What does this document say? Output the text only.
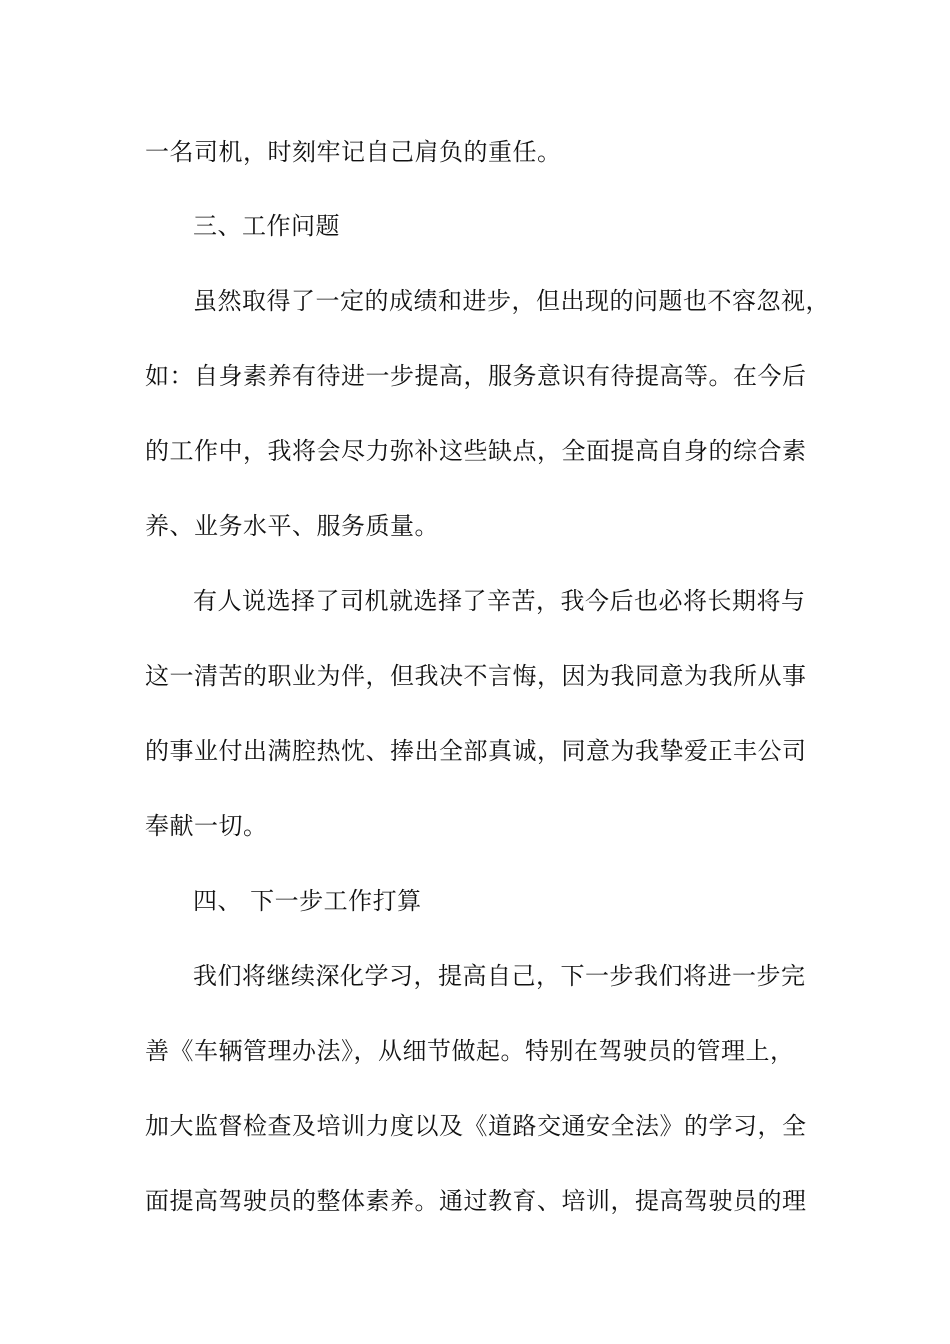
一名司机，时刻牢记自己肩负的重任。
三、工作问题
虽然取得了一定的成绩和进步，但出现的问题也不容忽视，
如：自身素养有待进一步提高，服务意识有待提高等。在今后
的工作中，我将会尽力弥补这些缺点，全面提高自身的综合素
养、业务水平、服务质量。
有人说选择了司机就选择了辛苦，我今后也必将长期将与
这一清苦的职业为伴，但我决不言悔，因为我同意为我所从事
的事业付出满腔热忱、捧出全部真诚，同意为我挚爱正丰公司
奉献一切。
四、 下一步工作打算
我们将继续深化学习，提高自己，下一步我们将进一步完
善《车辆管理办法》，从细节做起。特别在驾驶员的管理上，
加大监督检查及培训力度以及《道路交通安全法》的学习，全
面提高驾驶员的整体素养。通过教育、培训，提高驾驶员的理
